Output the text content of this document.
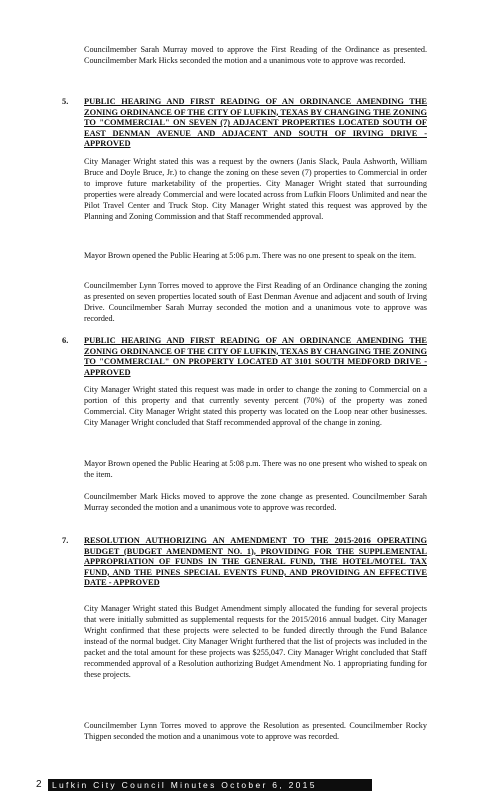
Councilmember Sarah Murray moved to approve the First Reading of the Ordinance as presented. Councilmember Mark Hicks seconded the motion and a unanimous vote to approve was recorded.

5. PUBLIC HEARING AND FIRST READING OF AN ORDINANCE AMENDING THE ZONING ORDINANCE OF THE CITY OF LUFKIN, TEXAS BY CHANGING THE ZONING TO "COMMERCIAL" ON SEVEN (7) ADJACENT PROPERTIES LOCATED SOUTH OF EAST DENMAN AVENUE AND ADJACENT AND SOUTH OF IRVING DRIVE - APPROVED

City Manager Wright stated this was a request by the owners (Janis Slack, Paula Ashworth, William Bruce and Doyle Bruce, Jr.) to change the zoning on these seven (7) properties to Commercial in order to improve future marketability of the properties. City Manager Wright stated that surrounding properties were already Commercial and were located across from Lufkin Floors Unlimited and near the Pilot Travel Center and Truck Stop. City Manager Wright stated this request was approved by the Planning and Zoning Commission and that Staff recommended approval.

Mayor Brown opened the Public Hearing at 5:06 p.m. There was no one present to speak on the item.

Councilmember Lynn Torres moved to approve the First Reading of an Ordinance changing the zoning as presented on seven properties located south of East Denman Avenue and adjacent and south of Irving Drive. Councilmember Sarah Murray seconded the motion and a unanimous vote to approve was recorded.

6. PUBLIC HEARING AND FIRST READING OF AN ORDINANCE AMENDING THE ZONING ORDINANCE OF THE CITY OF LUFKIN, TEXAS BY CHANGING THE ZONING TO "COMMERCIAL" ON PROPERTY LOCATED AT 3101 SOUTH MEDFORD DRIVE - APPROVED

City Manager Wright stated this request was made in order to change the zoning to Commercial on a portion of this property and that currently seventy percent (70%) of the property was zoned Commercial. City Manager Wright stated this property was located on the Loop near other businesses. City Manager Wright concluded that Staff recommended approval of the change in zoning.

Mayor Brown opened the Public Hearing at 5:08 p.m. There was no one present who wished to speak on the item.

Councilmember Mark Hicks moved to approve the zone change as presented. Councilmember Sarah Murray seconded the motion and a unanimous vote to approve was recorded.

7. RESOLUTION AUTHORIZING AN AMENDMENT TO THE 2015-2016 OPERATING BUDGET (BUDGET AMENDMENT NO. 1), PROVIDING FOR THE SUPPLEMENTAL APPROPRIATION OF FUNDS IN THE GENERAL FUND, THE HOTEL/MOTEL TAX FUND, AND THE PINES SPECIAL EVENTS FUND, AND PROVIDING AN EFFECTIVE DATE - APPROVED

City Manager Wright stated this Budget Amendment simply allocated the funding for several projects that were initially submitted as supplemental requests for the 2015/2016 annual budget. City Manager Wright confirmed that these projects were selected to be funded directly through the Fund Balance instead of the normal budget. City Manager Wright furthered that the list of projects was included in the packet and the total amount for these projects was $255,047. City Manager Wright concluded that Staff recommended approval of a Resolution authorizing Budget Amendment No. 1 appropriating funding for these projects.

Councilmember Lynn Torres moved to approve the Resolution as presented. Councilmember Rocky Thigpen seconded the motion and a unanimous vote to approve was recorded.

2	Lufkin City Council Minutes October 6, 2015
